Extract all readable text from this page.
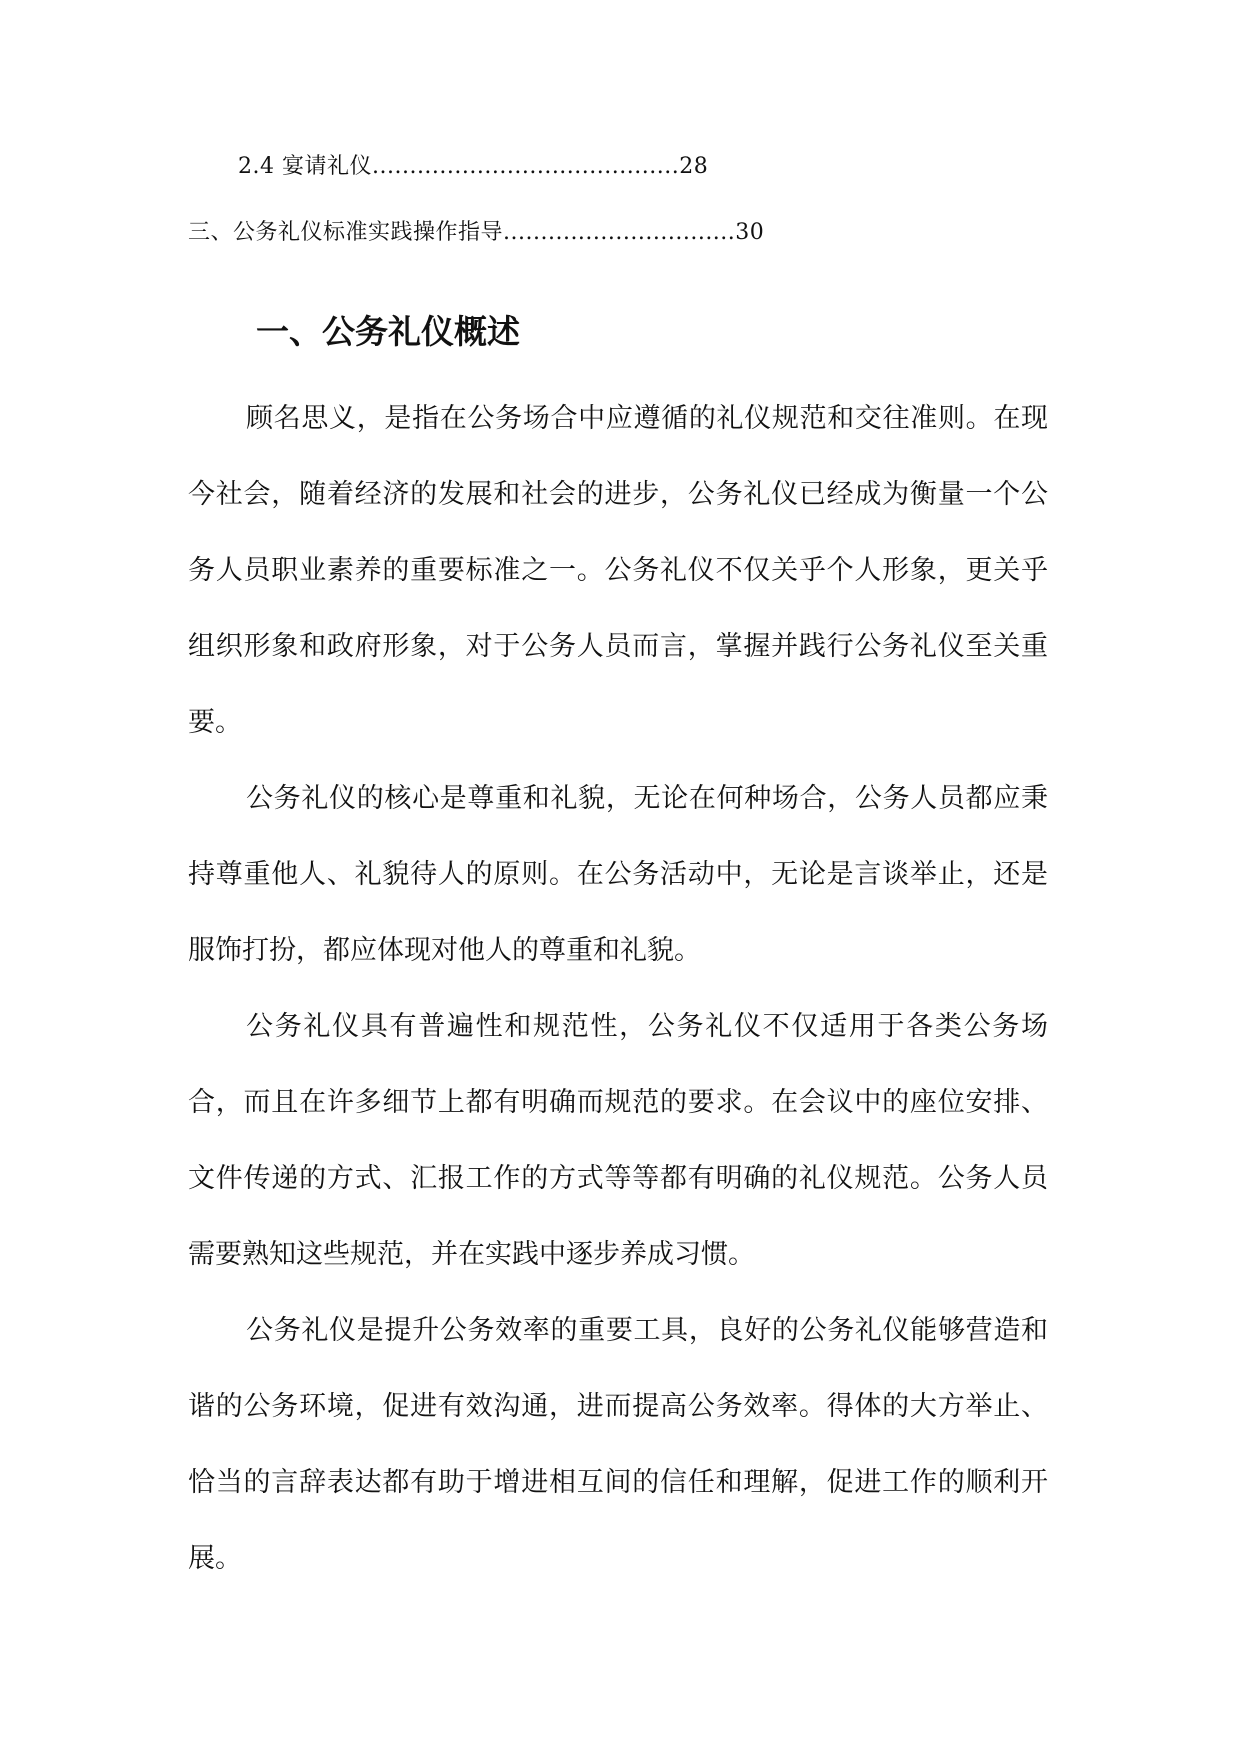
2.4 宴请礼仪.........................................28
三、公务礼仪标准实践操作指导...............................30
一、公务礼仪概述

顾名思义，是指在公务场合中应遵循的礼仪规范和交往准则。在现今社会，随着经济的发展和社会的进步，公务礼仪已经成为衡量一个公务人员职业素养的重要标准之一。公务礼仪不仅关乎个人形象，更关乎组织形象和政府形象，对于公务人员而言，掌握并践行公务礼仪至关重要。

公务礼仪的核心是尊重和礼貌，无论在何种场合，公务人员都应秉持尊重他人、礼貌待人的原则。在公务活动中，无论是言谈举止，还是服饰打扮，都应体现对他人的尊重和礼貌。

公务礼仪具有普遍性和规范性，公务礼仪不仅适用于各类公务场合，而且在许多细节上都有明确而规范的要求。在会议中的座位安排、文件传递的方式、汇报工作的方式等等都有明确的礼仪规范。公务人员需要熟知这些规范，并在实践中逐步养成习惯。

公务礼仪是提升公务效率的重要工具，良好的公务礼仪能够营造和谐的公务环境，促进有效沟通，进而提高公务效率。得体的大方举止、恰当的言辞表达都有助于增进相互间的信任和理解，促进工作的顺利开展。
